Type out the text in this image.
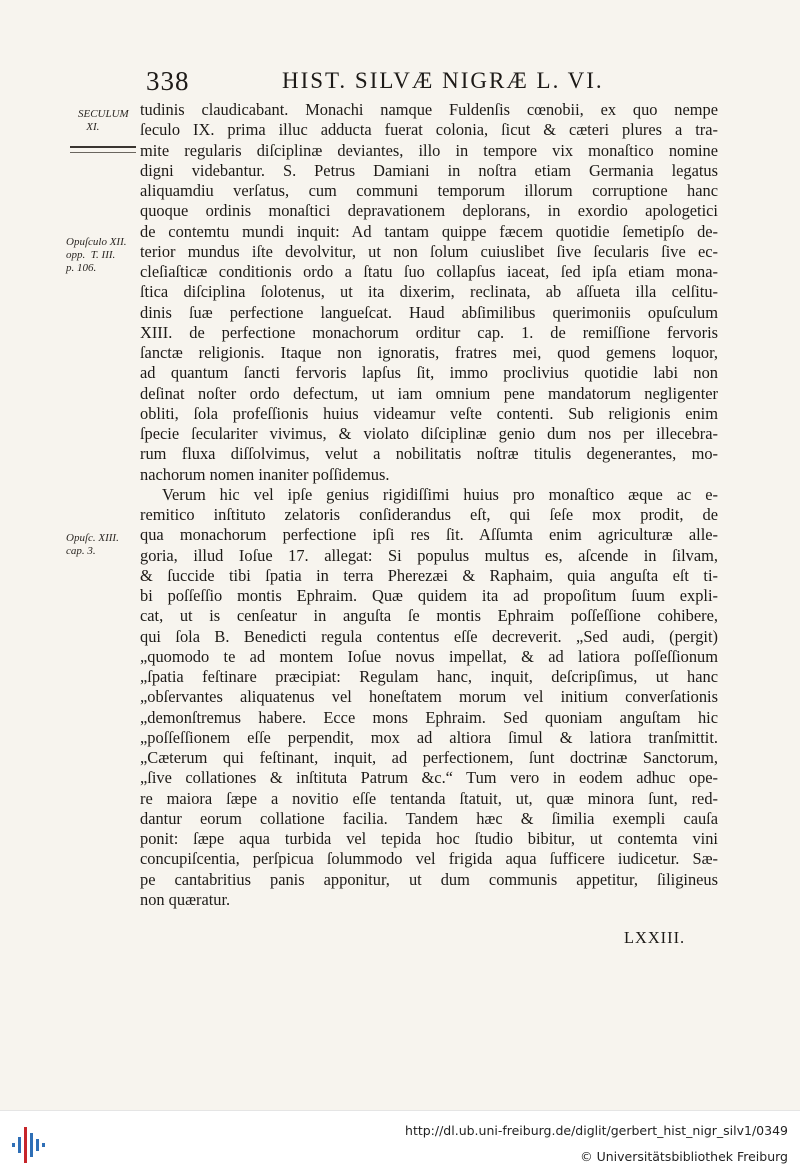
338	HIST. SILVÆ NIGRÆ L. VI.
SECULUM
XI.
Opuſculo XII.
opp.  T. III.
p. 106.
Opuſc. XIII.
cap. 3.
tudinis claudicabant. Monachi namque Fuldenſis cœnobii, ex quo nempe
ſeculo IX. prima illuc adducta fuerat colonia, ſicut & cæteri plures a tra-
mite regularis diſciplinæ deviantes, illo in tempore vix monaſtico nomine
digni videbantur. S. Petrus Damiani in noſtra etiam Germania legatus
aliquamdiu verſatus, cum communi temporum illorum corruptione hanc
quoque ordinis monaſtici depravationem deplorans, in exordio apologetici
de contemtu mundi inquit: Ad tantam quippe fæcem quotidie ſemetipſo de-
terior mundus iſte devolvitur, ut non ſolum cuiuslibet ſive ſecularis ſive ec-
cleſiaſticæ conditionis ordo a ſtatu ſuo collapſus iaceat, ſed ipſa etiam mona-
ſtica diſciplina ſolotenus, ut ita dixerim, reclinata, ab aſſueta illa celſitu-
dinis ſuæ perfectione langueſcat. Haud abſimilibus querimoniis opuſculum
XIII. de perfectione monachorum orditur cap. 1. de remiſſione fervoris
ſanctæ religionis. Itaque non ignoratis, fratres mei, quod gemens loquor,
ad quantum ſancti fervoris lapſus ſit, immo proclivius quotidie labi non
deſinat noſter ordo defectum, ut iam omnium pene mandatorum negligenter
obliti, ſola profeſſionis huius videamur veſte contenti. Sub religionis enim
ſpecie ſeculariter vivimus, & violato diſciplinæ genio dum nos per illecebra-
rum fluxa diſſolvimus, velut a nobilitatis noſtræ titulis degenerantes, mo-
nachorum nomen inaniter poſſidemus.
Verum hic vel ipſe genius rigidiſſimi huius pro monaſtico æque ac e-
remitico inſtituto zelatoris conſiderandus eſt, qui ſeſe mox prodit, de
qua monachorum perfectione ipſi res ſit. Aſſumta enim agriculturæ alle-
goria, illud Ioſue 17. allegat: Si populus multus es, aſcende in ſilvam,
& ſuccide tibi ſpatia in terra Pherezæi & Raphaim, quia anguſta eſt ti-
bi poſſeſſio montis Ephraim. Quæ quidem ita ad propoſitum ſuum expli-
cat, ut is cenſeatur in anguſta ſe montis Ephraim poſſeſſione cohibere,
qui ſola B. Benedicti regula contentus eſſe decreverit. „Sed audi, (pergit)
„quomodo te ad montem Ioſue novus impellat, & ad latiora poſſeſſionum
„ſpatia feſtinare præcipiat: Regulam hanc, inquit, deſcripſimus, ut hanc
„obſervantes aliquatenus vel honeſtatem morum vel initium converſationis
„demonſtremus habere. Ecce mons Ephraim. Sed quoniam anguſtam hic
„poſſeſſionem eſſe perpendit, mox ad altiora ſimul & latiora tranſmittit.
„Cæterum qui feſtinant, inquit, ad perfectionem, ſunt doctrinæ Sanctorum,
„ſive collationes & inſtituta Patrum &c.“ Tum vero in eodem adhuc ope-
re maiora ſæpe a novitio eſſe tentanda ſtatuit, ut, quæ minora ſunt, red-
dantur eorum collatione facilia. Tandem hæc & ſimilia exempli cauſa
ponit: ſæpe aqua turbida vel tepida hoc ſtudio bibitur, ut contemta vini
concupiſcentia, perſpicua ſolummodo vel frigida aqua ſufficere iudicetur. Sæ-
pe cantabritius panis apponitur, ut dum communis appetitur, ſiligineus
non quæratur.
LXXIII.
http://dl.ub.uni-freiburg.de/diglit/gerbert_hist_nigr_silv1/0349
© Universitätsbibliothek Freiburg
